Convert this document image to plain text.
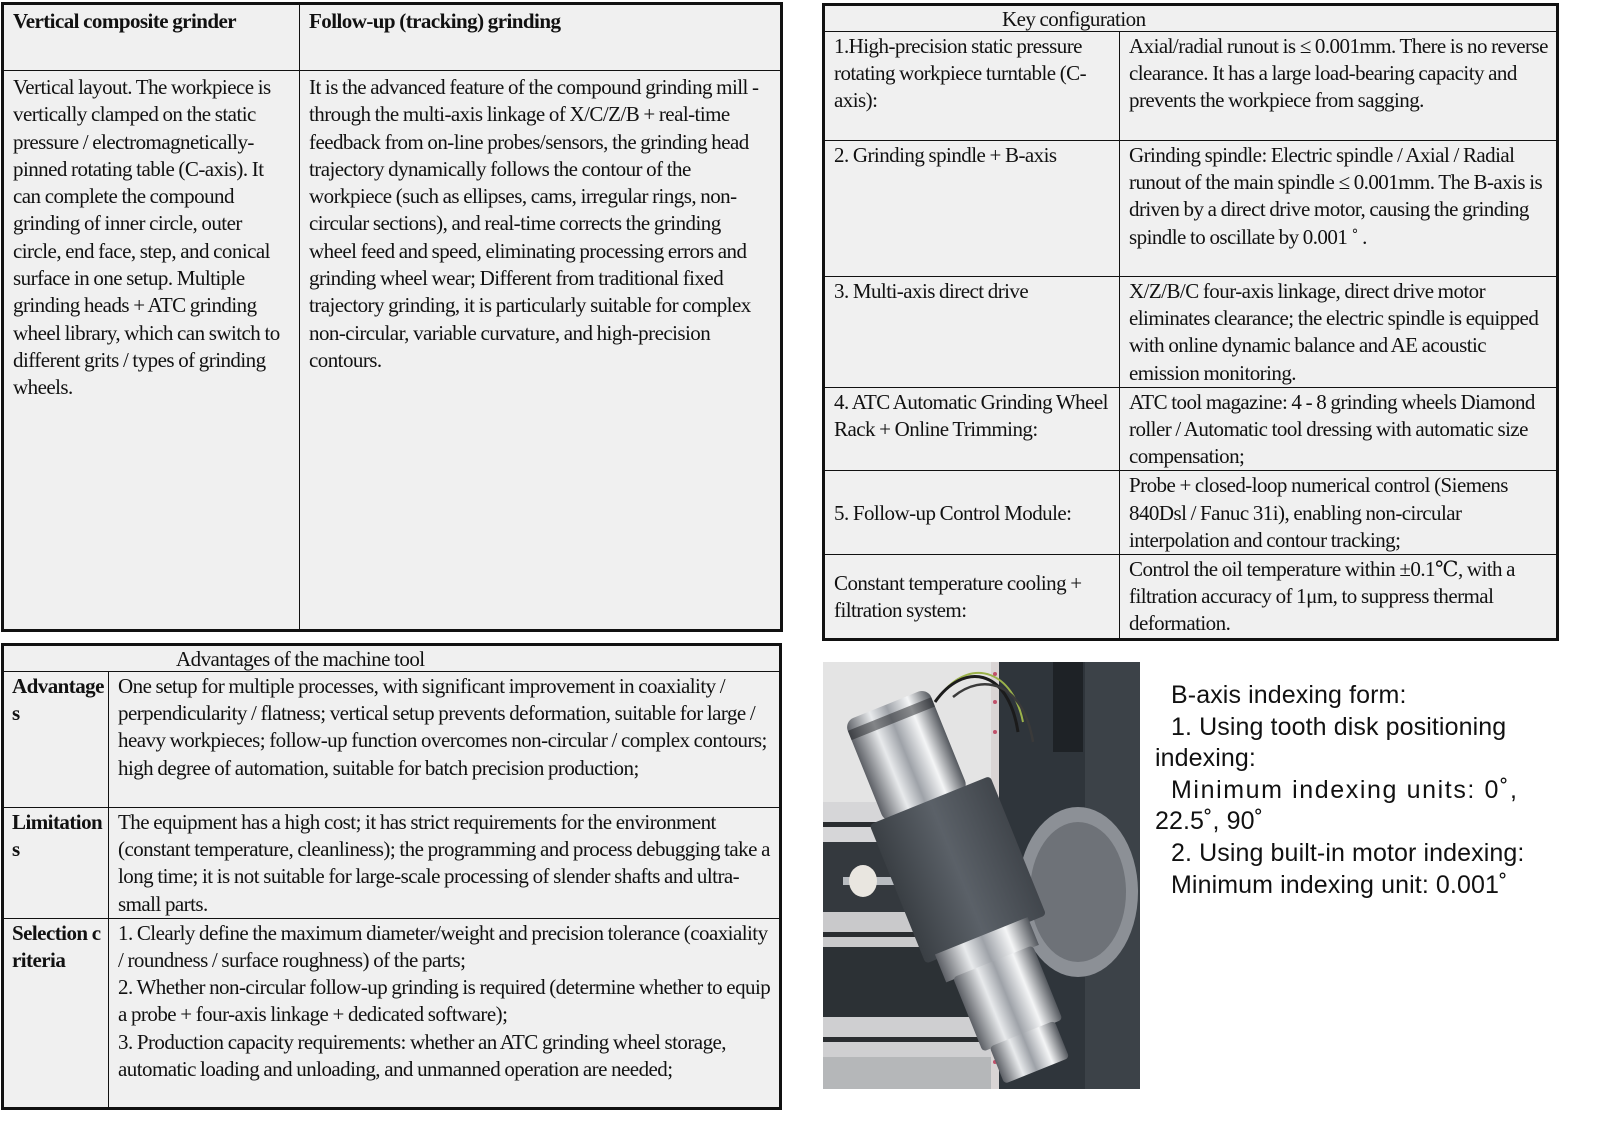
Vertical composite grinder	Follow-up (tracking) grinding
Vertical layout. The workpiece is vertically clamped on the static pressure / electromagnetically-pinned rotating table (C-axis). It can complete the compound grinding of inner circle, outer circle, end face, step, and conical surface in one setup. Multiple grinding heads + ATC grinding wheel library, which can switch to different grits / types of grinding wheels.	It is the advanced feature of the compound grinding mill - through the multi-axis linkage of X/C/Z/B + real-time feedback from on-line probes/sensors, the grinding head trajectory dynamically follows the contour of the workpiece (such as ellipses, cams, irregular rings, non-circular sections), and real-time corrects the grinding wheel feed and speed, eliminating processing errors and grinding wheel wear; Different from traditional fixed trajectory grinding, it is particularly suitable for complex non-circular, variable curvature, and high-precision contours.
Key configuration	
1.High-precision static pressure rotating workpiece turntable (C-axis):	Axial/radial runout is ≤ 0.001mm. There is no reverse clearance. It has a large load-bearing capacity and prevents the workpiece from sagging.
2. Grinding spindle + B-axis	Grinding spindle: Electric spindle / Axial / Radial runout of the main spindle ≤ 0.001mm. The B-axis is driven by a direct drive motor, causing the grinding spindle to oscillate by 0.001 ˚ .
3. Multi-axis direct drive	X/Z/B/C four-axis linkage, direct drive motor eliminates clearance; the electric spindle is equipped with online dynamic balance and AE acoustic emission monitoring.
4. ATC Automatic Grinding Wheel Rack + Online Trimming:	ATC tool magazine: 4 - 8 grinding wheels Diamond roller / Automatic tool dressing with automatic size compensation;
5. Follow-up Control Module:	Probe + closed-loop numerical control (Siemens 840Dsl / Fanuc 31i), enabling non-circular interpolation and contour tracking;
Constant temperature cooling + filtration system:	Control the oil temperature within ±0.1℃, with a filtration accuracy of 1μm, to suppress thermal deformation.
Advantages of the machine tool	
Advantages	One setup for multiple processes, with significant improvement in coaxiality / perpendicularity / flatness; vertical setup prevents deformation, suitable for large / heavy workpieces; follow-up function overcomes non-circular / complex contours; high degree of automation, suitable for batch precision production;
Limitations	The equipment has a high cost; it has strict requirements for the environment (constant temperature, cleanliness); the programming and process debugging take a long time; it is not suitable for large-scale processing of slender shafts and ultra-small parts.
Selection criteria	1. Clearly define the maximum diameter/weight and precision tolerance (coaxiality / roundness / surface roughness) of the parts;
2. Whether non-circular follow-up grinding is required (determine whether to equip a probe + four-axis linkage + dedicated software);
3. Production capacity requirements: whether an ATC grinding wheel storage, automatic loading and unloading, and unmanned operation are needed;
B-axis indexing form:
1. Using tooth disk positioning
indexing:
Minimum indexing units: 0˚,
22.5˚, 90˚
2. Using built-in motor indexing:
Minimum indexing unit: 0.001˚
